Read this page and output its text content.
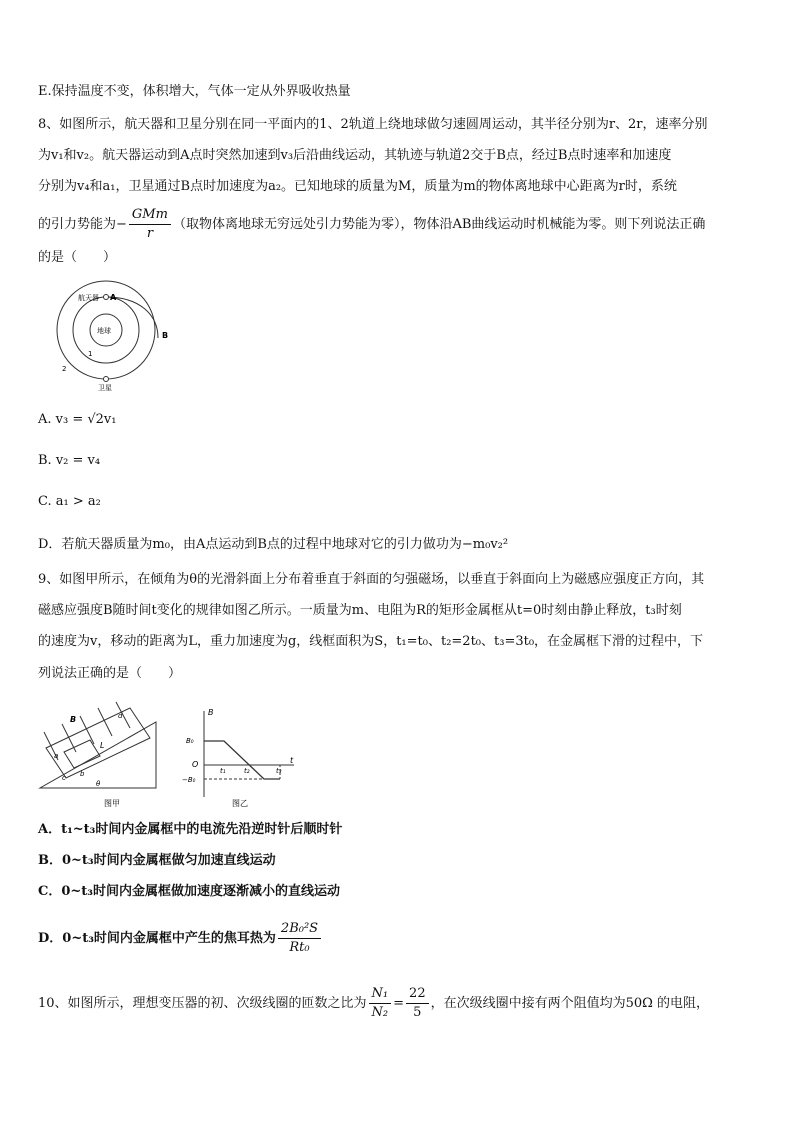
E.保持温度不变，体积增大，气体一定从外界吸收热量
8、如图所示，航天器和卫星分别在同一平面内的1、2轨道上绕地球做匀速圆周运动，其半径分别为r、2r，速率分别
为v₁和v₂。航天器运动到A点时突然加速到v₃后沿曲线运动，其轨迹与轨道2交于B点，经过B点时速率和加速度
分别为v₄和a₁，卫星通过B点时加速度为a₂。已知地球的质量为M，质量为m的物体离地球中心距离为r时，系统
的引力势能为− $\frac{\text{GMm}}{r}$ （取物体离地球无穷远处引力势能为零），物体沿AB曲线运动时机械能为零。则下列说法正确
的是（　　）
航天器 A
B
地球
1
2
卫星
A. v₃ = √2v₁
B. v₂ = v₄
C. a₁ > a₂
D．若航天器质量为m₀，由A点运动到B点的过程中地球对它的引力做功为−m₀v₂²
9、如图甲所示，在倾角为θ的光滑斜面上分布着垂直于斜面的匀强磁场，以垂直于斜面向上为磁感应强度正方向，其
磁感应强度B随时间t变化的规律如图乙所示。一质量为m、电阻为R的矩形金属框从t=0时刻由静止释放，t₃时刻
的速度为v，移动的距离为L，重力加速度为g，线框面积为S，t₁=t₀、t₂=2t₀、t₃=3t₀，在金属框下滑的过程中，下
列说法正确的是（　　）
B
a
d
L
c b
θ
图甲
B
B₀
O
−B₀
t₁	t₂	t₃
t
图乙
A．t₁~t₃时间内金属框中的电流先沿逆时针后顺时针
B．0~t₃时间内金属框做匀加速直线运动
C．0~t₃时间内金属框做加速度逐渐减小的直线运动
D．0~t₃时间内金属框中产生的焦耳热为 $\frac{\text{2B₀²S}}{\text{Rt₀}}$
10、如图所示，理想变压器的初、次级线圈的匝数之比为 $\frac{\text{N₁}}{\text{N₂}} = \frac{22}{5}$ ，在次级线圈中接有两个阻值均为50Ω 的电阻，
